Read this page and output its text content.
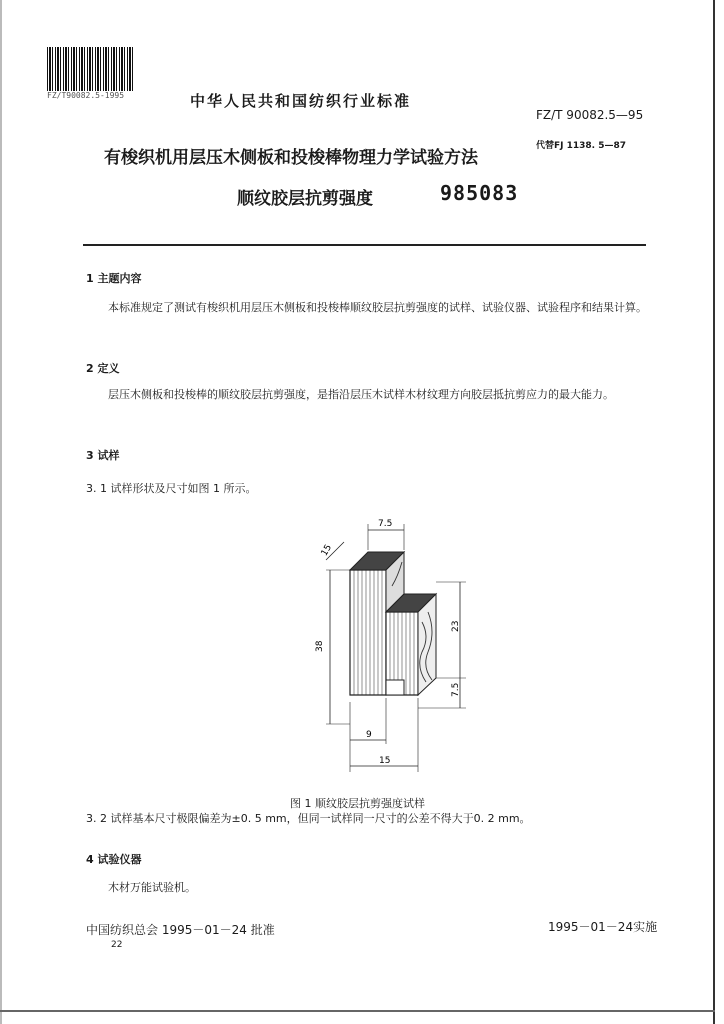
FZ/T90082.5-1995	中华人民共和国纺织行业标准
FZ/T 90082.5—95
代替FJ 1138. 5—87
有梭织机用层压木侧板和投梭棒物理力学试验方法
顺纹胶层抗剪强度	985083
1 主题内容
本标准规定了测试有梭织机用层压木侧板和投梭棒顺纹胶层抗剪强度的试样、试验仪器、试验程序和结果计算。
2 定义
层压木侧板和投梭棒的顺纹胶层抗剪强度，是指沿层压木试样木材纹理方向胶层抵抗剪应力的最大能力。
3 试样
3. 1 试样形状及尺寸如图 1 所示。
7.5
15
38
23
7.5
9
15
图 1 顺纹胶层抗剪强度试样
3. 2 试样基本尺寸极限偏差为±0. 5 mm，但同一试样同一尺寸的公差不得大于0. 2 mm。
4 试验仪器
木材万能试验机。
中国纺织总会 1995－01－24 批准	1995－01－24实施
22
